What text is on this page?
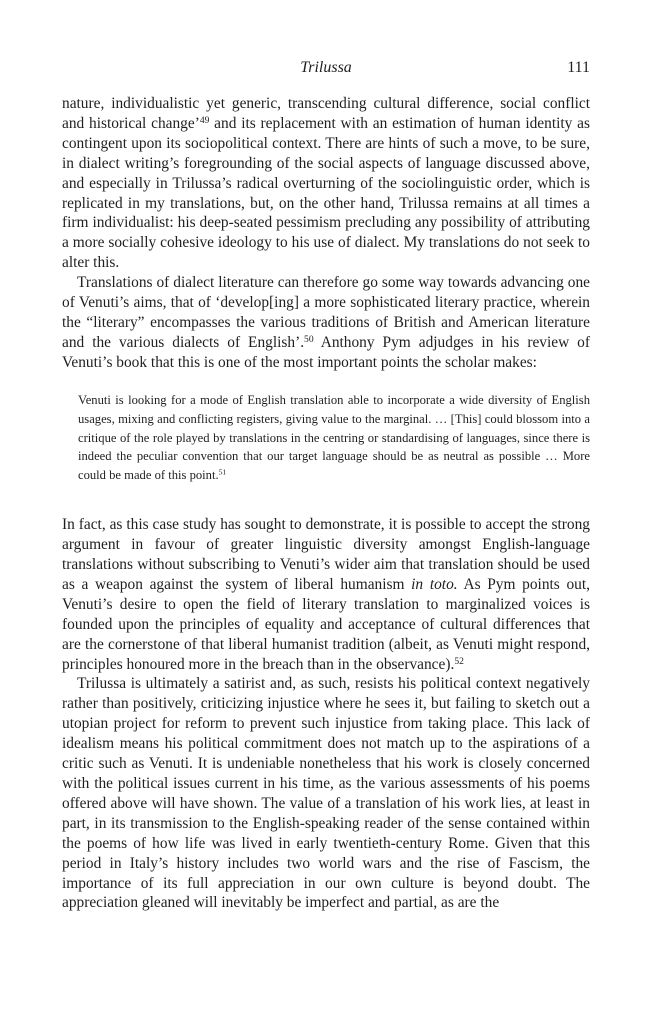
Trilussa	111

nature, individualistic yet generic, transcending cultural difference, social conflict and historical change’$^{49}$ and its replacement with an estimation of human identity as contingent upon its sociopolitical context. There are hints of such a move, to be sure, in dialect writing’s foregrounding of the social aspects of language discussed above, and especially in Trilussa’s radical overturning of the sociolinguistic order, which is replicated in my translations, but, on the other hand, Trilussa remains at all times a firm individualist: his deep-seated pessimism precluding any possibility of attributing a more socially cohesive ideology to his use of dialect. My translations do not seek to alter this.

Translations of dialect literature can therefore go some way towards advancing one of Venuti’s aims, that of ‘develop[ing] a more sophisticated literary practice, wherein the “literary” encompasses the various traditions of British and American literature and the various dialects of English’.$^{50}$ Anthony Pym adjudges in his review of Venuti’s book that this is one of the most important points the scholar makes:

Venuti is looking for a mode of English translation able to incorporate a wide diversity of English usages, mixing and conflicting registers, giving value to the marginal. … [This] could blossom into a critique of the role played by translations in the centring or standardising of languages, since there is indeed the peculiar convention that our target language should be as neutral as possible … More could be made of this point.$^{51}$

In fact, as this case study has sought to demonstrate, it is possible to accept the strong argument in favour of greater linguistic diversity amongst English-language translations without subscribing to Venuti’s wider aim that translation should be used as a weapon against the system of liberal humanism in toto. As Pym points out, Venuti’s desire to open the field of literary translation to marginalized voices is founded upon the principles of equality and acceptance of cultural differences that are the cornerstone of that liberal humanist tradition (albeit, as Venuti might respond, principles honoured more in the breach than in the observance).$^{52}$

Trilussa is ultimately a satirist and, as such, resists his political context negatively rather than positively, criticizing injustice where he sees it, but failing to sketch out a utopian project for reform to prevent such injustice from taking place. This lack of idealism means his political commitment does not match up to the aspirations of a critic such as Venuti. It is undeniable nonetheless that his work is closely concerned with the political issues current in his time, as the various assessments of his poems offered above will have shown. The value of a translation of his work lies, at least in part, in its transmission to the English-speaking reader of the sense contained within the poems of how life was lived in early twentieth-century Rome. Given that this period in Italy’s history includes two world wars and the rise of Fascism, the importance of its full appreciation in our own culture is beyond doubt. The appreciation gleaned will inevitably be imperfect and partial, as are the
